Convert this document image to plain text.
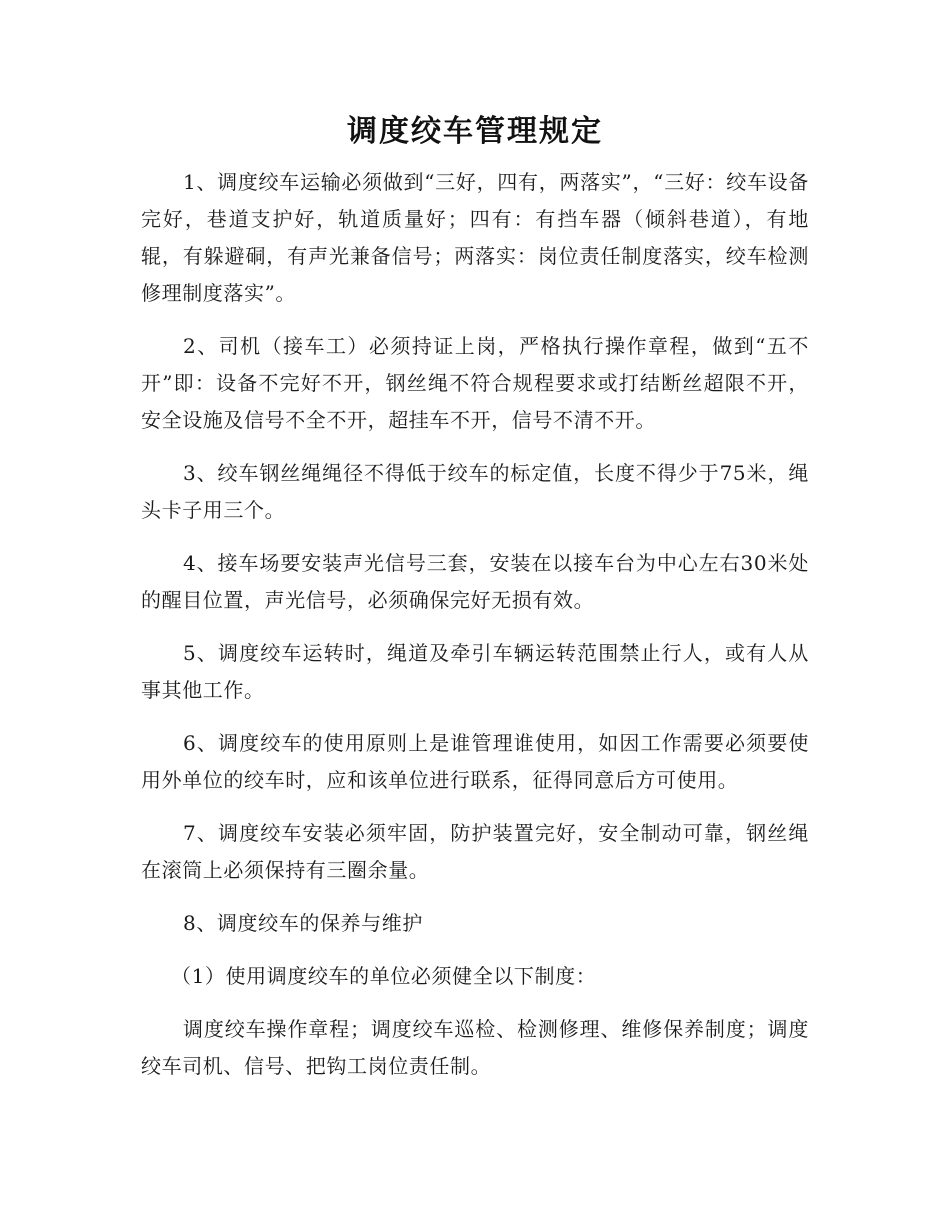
调度绞车管理规定

1、调度绞车运输必须做到“三好，四有，两落实”，“三好：绞车设备完好，巷道支护好，轨道质量好；四有：有挡车器（倾斜巷道），有地辊，有躲避硐，有声光兼备信号；两落实：岗位责任制度落实，绞车检测修理制度落实”。

2、司机（接车工）必须持证上岗，严格执行操作章程，做到“五不开”即：设备不完好不开，钢丝绳不符合规程要求或打结断丝超限不开，安全设施及信号不全不开，超挂车不开，信号不清不开。

3、绞车钢丝绳绳径不得低于绞车的标定值，长度不得少于75米，绳头卡子用三个。

4、接车场要安装声光信号三套，安装在以接车台为中心左右30米处的醒目位置，声光信号，必须确保完好无损有效。

5、调度绞车运转时，绳道及牵引车辆运转范围禁止行人，或有人从事其他工作。

6、调度绞车的使用原则上是谁管理谁使用，如因工作需要必须要使用外单位的绞车时，应和该单位进行联系，征得同意后方可使用。

7、调度绞车安装必须牢固，防护装置完好，安全制动可靠，钢丝绳在滚筒上必须保持有三圈余量。

8、调度绞车的保养与维护

（1）使用调度绞车的单位必须健全以下制度：

调度绞车操作章程；调度绞车巡检、检测修理、维修保养制度；调度绞车司机、信号、把钩工岗位责任制。
